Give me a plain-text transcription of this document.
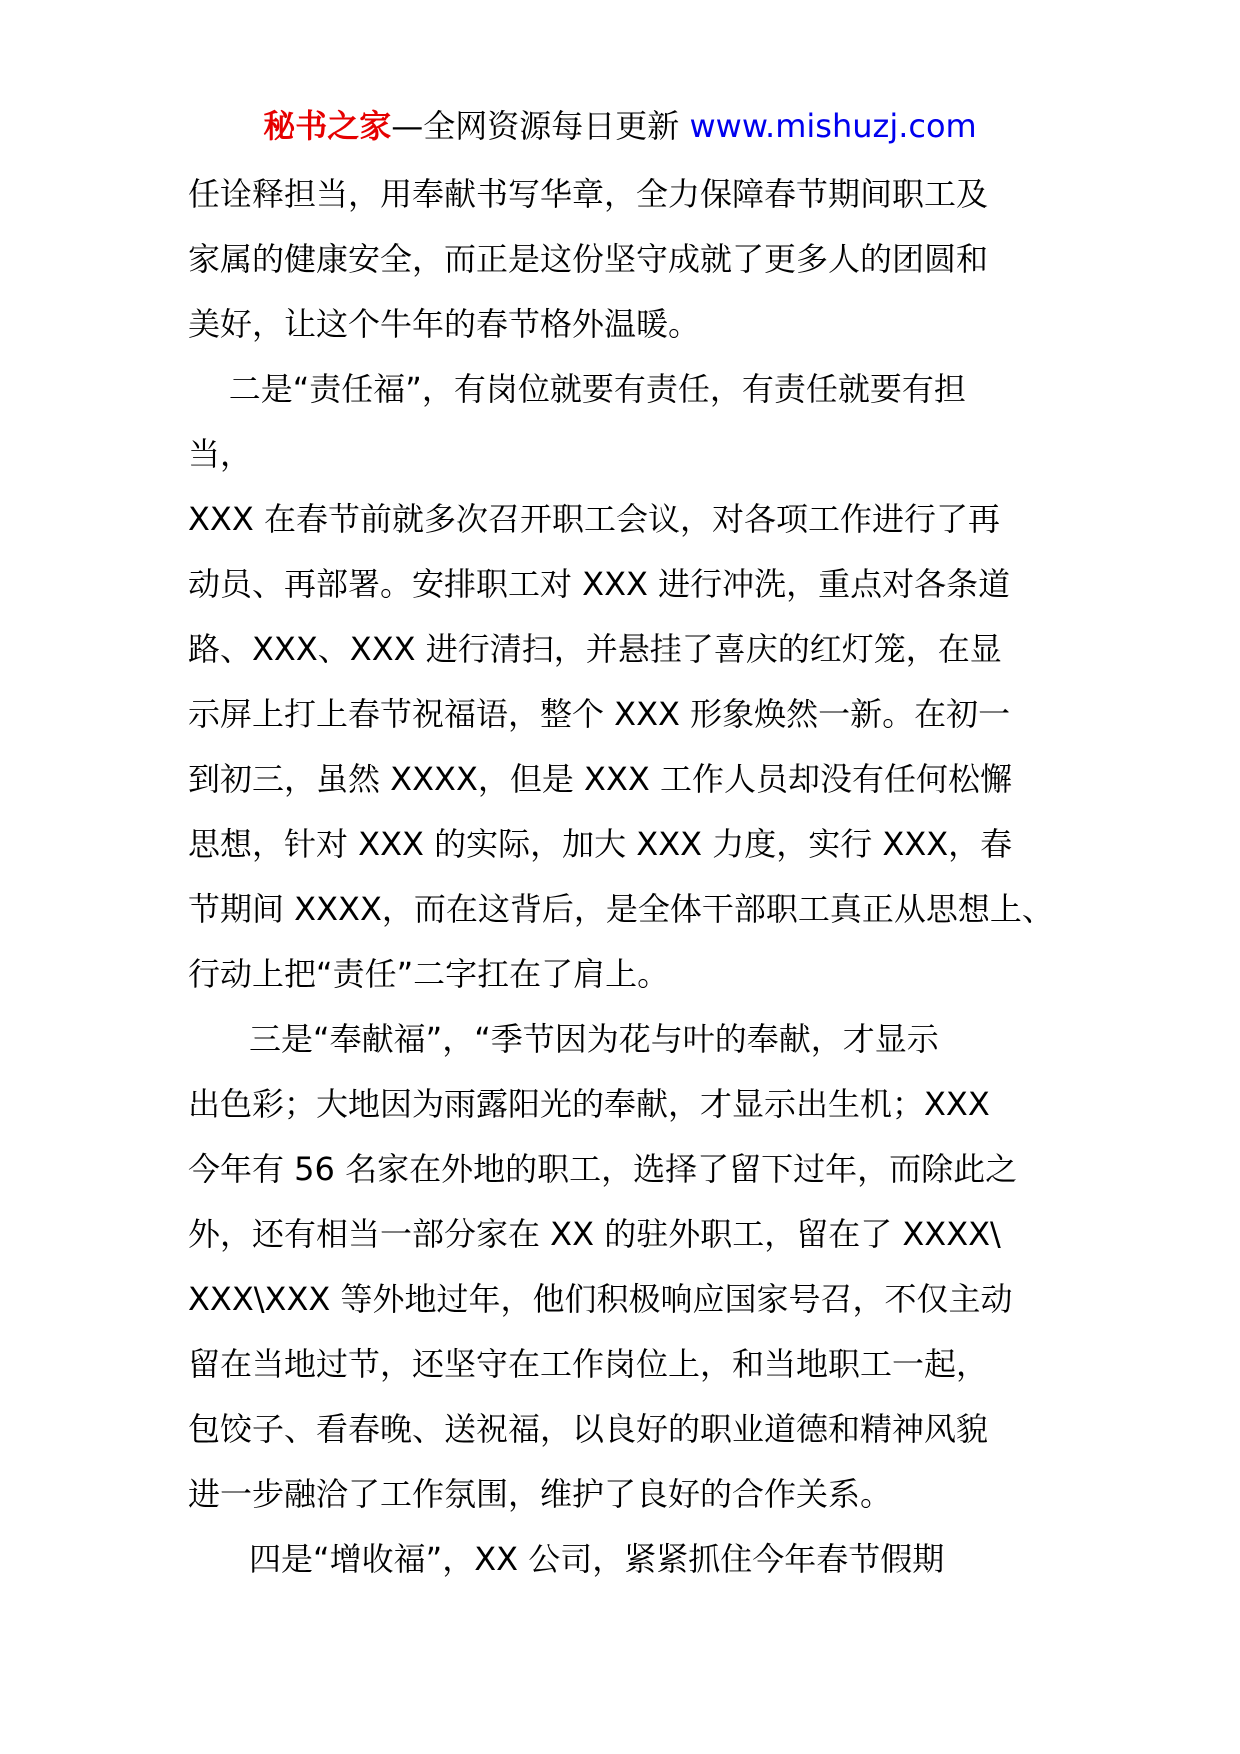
秘书之家—全网资源每日更新 www.mishuzj.com
任诠释担当，用奉献书写华章，全力保障春节期间职工及
家属的健康安全，而正是这份坚守成就了更多人的团圆和
美好，让这个牛年的春节格外温暖。
二是“责任福”，有岗位就要有责任，有责任就要有担
当，
XXX 在春节前就多次召开职工会议，对各项工作进行了再
动员、再部署。安排职工对 XXX 进行冲洗，重点对各条道
路、XXX、XXX 进行清扫，并悬挂了喜庆的红灯笼，在显
示屏上打上春节祝福语，整个 XXX 形象焕然一新。在初一
到初三，虽然 XXXX，但是 XXX 工作人员却没有任何松懈
思想，针对 XXX 的实际，加大 XXX 力度，实行 XXX，春
节期间 XXXX，而在这背后，是全体干部职工真正从思想上、
行动上把“责任”二字扛在了肩上。
三是“奉献福”，“季节因为花与叶的奉献，才显示
出色彩；大地因为雨露阳光的奉献，才显示出生机；XXX
今年有 56 名家在外地的职工，选择了留下过年，而除此之
外，还有相当一部分家在 XX 的驻外职工，留在了 XXXX\
XXX\XXX 等外地过年，他们积极响应国家号召，不仅主动
留在当地过节，还坚守在工作岗位上，和当地职工一起，
包饺子、看春晚、送祝福，以良好的职业道德和精神风貌
进一步融洽了工作氛围，维护了良好的合作关系。
四是“增收福”，XX 公司，紧紧抓住今年春节假期
